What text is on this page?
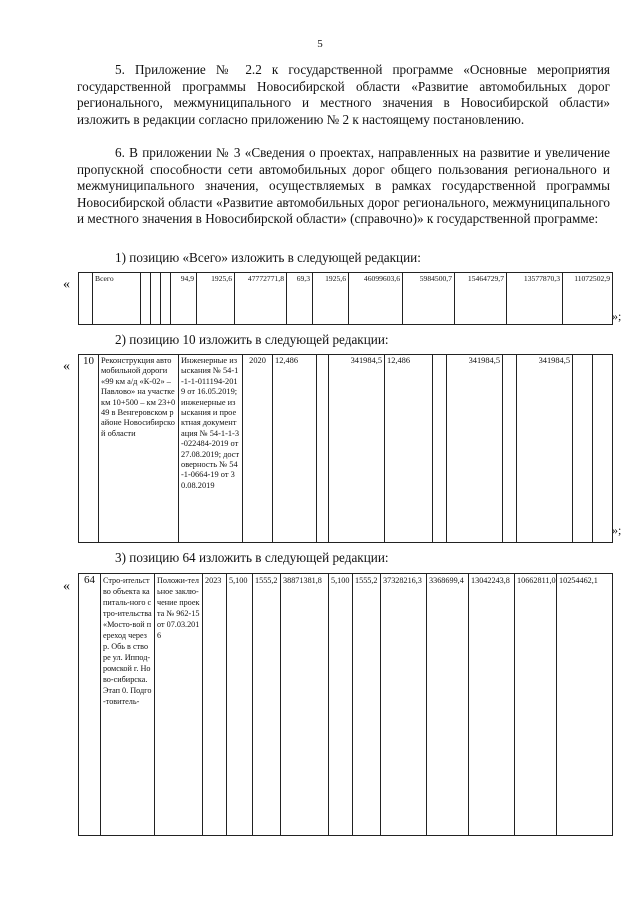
5

5. Приложение № 2.2 к государственной программе «Основные мероприятия государственной программы Новосибирской области «Развитие автомобильных дорог регионального, межмуниципального и местного значения в Новосибирской области» изложить в редакции согласно приложению № 2 к настоящему постановлению.

6. В приложении № 3 «Сведения о проектах, направленных на развитие и увеличение пропускной способности сети автомобильных дорог общего пользования регионального и межмуниципального значения, осуществляемых в рамках государственной программы Новосибирской области «Развитие автомобильных дорог регионального, межмуниципального и местного значения в Новосибирской области» (справочно)» к государственной программе:

1) позицию «Всего» изложить в следующей редакции:

«
		Всего				94,9	1925,6	47772771,8	69,3	1925,6	46099603,6	5984500,7	15464729,7	13577870,3	11072502,9
»;

2) позицию 10 изложить в следующей редакции:

« 10	Реконструкция автомобильной дороги «99 км а/д «К-02» – Павлово» на участке км 10+500 – км 23+049 в Венгеровском районе Новосибирской области	Инженерные изыскания № 54-1-1-1-011194-2019 от 16.05.2019; инженерные изыскания и проектная документация № 54-1-1-3-022484-2019 от 27.08.2019; достоверность № 54-1-0664-19 от 30.08.2019	2020	12,486		341984,5	12,486		341984,5		341984,5		
»;

3) позицию 64 изложить в следующей редакции:

« 64	Стро-ительство объекта капиталь-ного стро-ительства «Мосто-вой переход через р. Обь в створе ул. Иппод-ромской г. Ново-сибирска. Этап 0. Подго-товитель-	Положи-тельное заклю-чение проекта № 962-15 от 07.03.2016	2023	5,100	1555,2	38871381,8	5,100	1555,2	37328216,3	3368699,4	13042243,8	10662811,0	10254462,1
